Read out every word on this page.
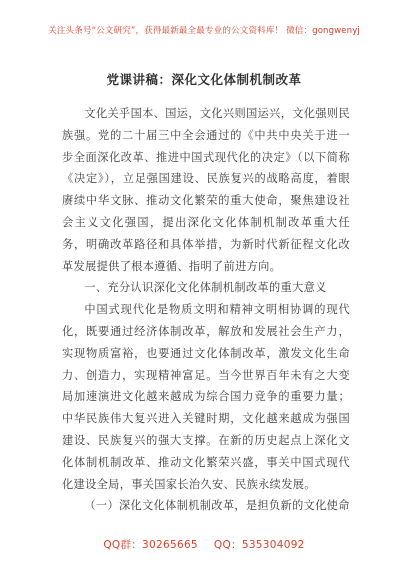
关注头条号“公文研究”，获得最新最全最专业的公文资料库！ 微信：gongwenyj
党课讲稿：深化文化体制机制改革

文化关乎国本、国运，文化兴则国运兴，文化强则民族强。党的二十届三中全会通过的《中共中央关于进一步全面深化改革、推进中国式现代化的决定》（以下简称《决定》），立足强国建设、民族复兴的战略高度，着眼赓续中华文脉、推动文化繁荣的重大使命，聚焦建设社会主义文化强国，提出深化文化体制机制改革重大任务，明确改革路径和具体举措，为新时代新征程文化改革发展提供了根本遵循、指明了前进方向。

一、充分认识深化文化体制机制改革的重大意义

中国式现代化是物质文明和精神文明相协调的现代化，既要通过经济体制改革，解放和发展社会生产力，实现物质富裕，也要通过文化体制改革，激发文化生命力、创造力，实现精神富足。当今世界百年未有之大变局加速演进文化越来越成为综合国力竞争的重要力量；中华民族伟大复兴进入关键时期，文化越来越成为强国建设、民族复兴的强大支撑。在新的历史起点上深化文化体制机制改革、推动文化繁荣兴盛，事关中国式现代化建设全局，事关国家长治久安、民族永续发展。

（一）深化文化体制机制改革，是担负新的文化使命

QQ群：30265665 QQ：535304092
